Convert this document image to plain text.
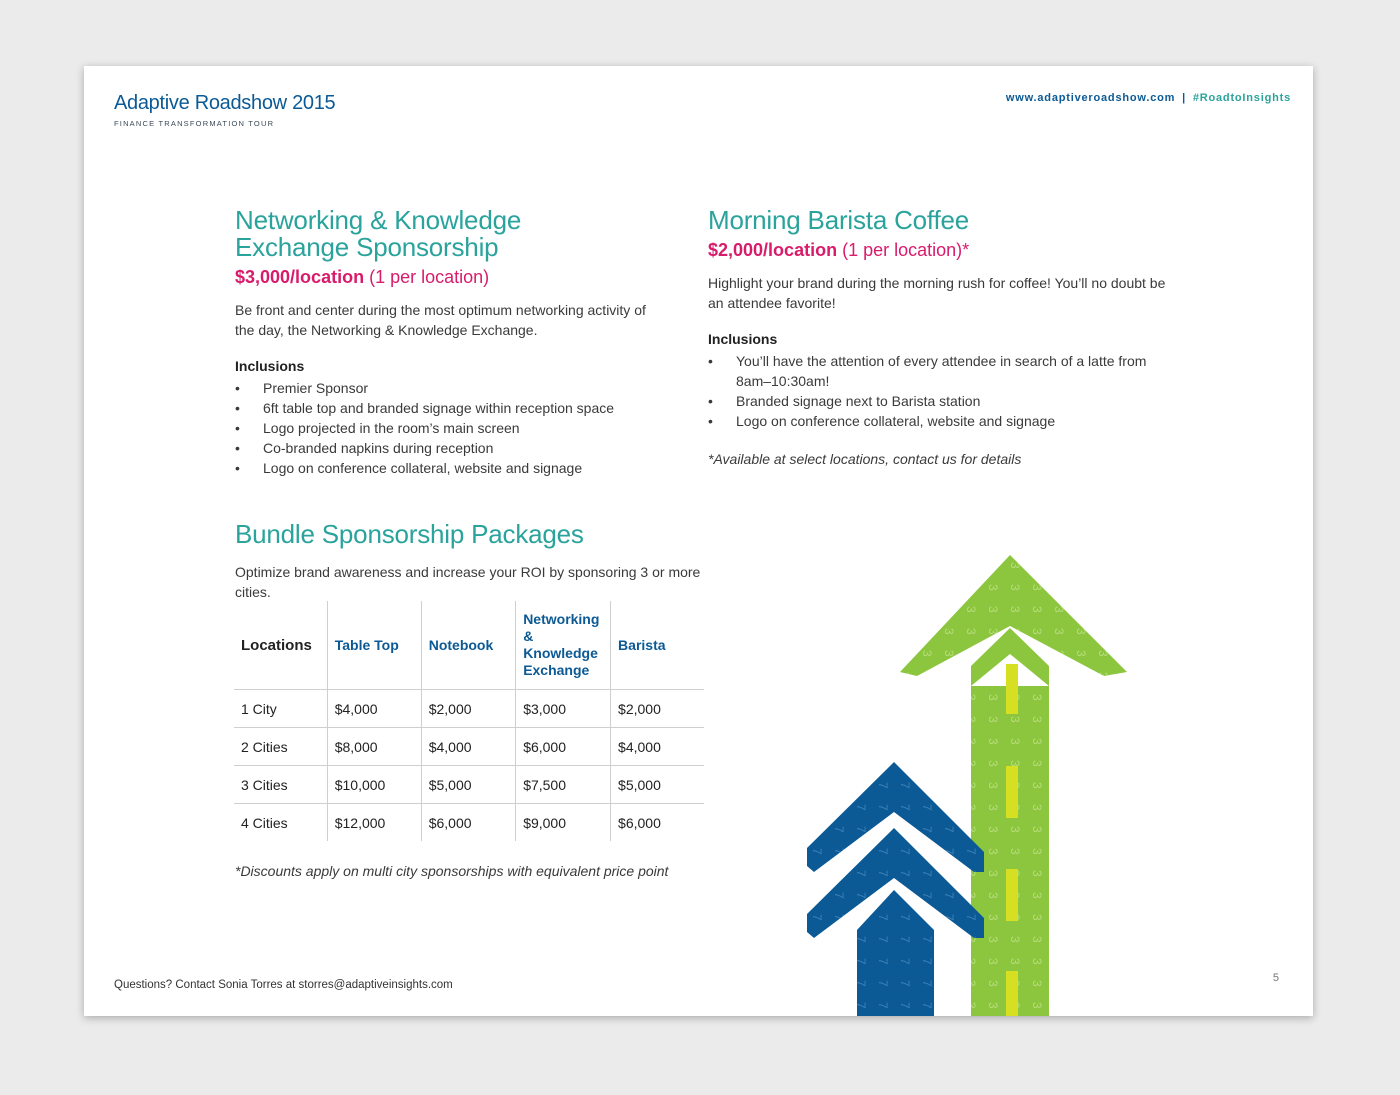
Adaptive Roadshow 2015
FINANCE TRANSFORMATION TOUR
www.adaptiveroadshow.com | #RoadtoInsights
Networking & Knowledge
Exchange Sponsorship
$3,000/location (1 per location)
Be front and center during the most optimum networking activity of the day, the Networking & Knowledge Exchange.
Inclusions
• Premier Sponsor
• 6ft table top and branded signage within reception space
• Logo projected in the room’s main screen
• Co-branded napkins during reception
• Logo on conference collateral, website and signage
Morning Barista Coffee
$2,000/location (1 per location)*
Highlight your brand during the morning rush for coffee! You’ll no doubt be an attendee favorite!
Inclusions
• You’ll have the attention of every attendee in search of a latte from 8am–10:30am!
• Branded signage next to Barista station
• Logo on conference collateral, website and signage
*Available at select locations, contact us for details
Bundle Sponsorship Packages
Optimize brand awareness and increase your ROI by sponsoring 3 or more cities.
Locations	Table Top	Notebook	Networking & Knowledge Exchange	Barista
1 City	$4,000	$2,000	$3,000	$2,000
2 Cities	$8,000	$4,000	$6,000	$4,000
3 Cities	$10,000	$5,000	$7,500	$5,000
4 Cities	$12,000	$6,000	$9,000	$6,000
*Discounts apply on multi city sponsorships with equivalent price point
Questions? Contact Sonia Torres at storres@adaptiveinsights.com
5
